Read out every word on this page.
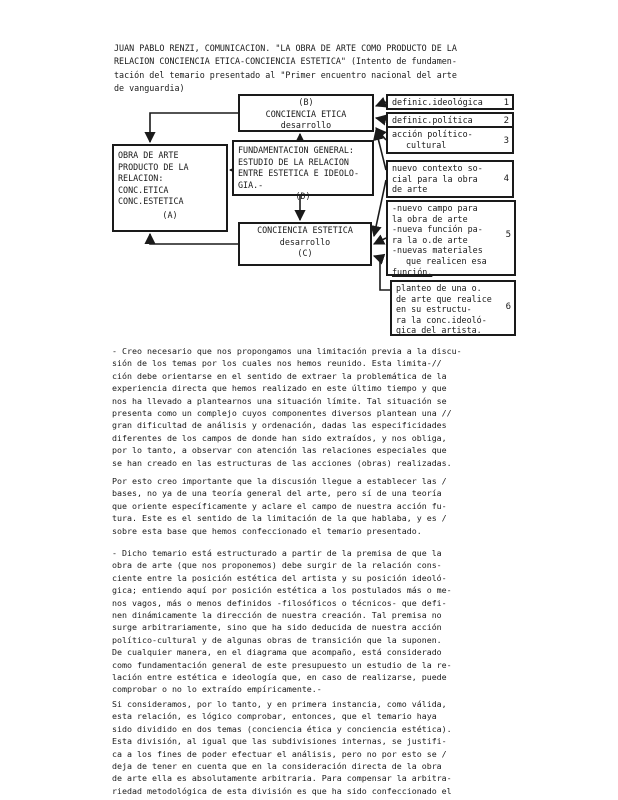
JUAN PABLO RENZI, COMUNICACION. "LA OBRA DE ARTE COMO PRODUCTO DE LA
RELACION CONCIENCIA ETICA-CONCIENCIA ESTETICA" (Intento de fundamen-
tación del temario presentado al "Primer encuentro nacional del arte
de vanguardia)
OBRA DE ARTE
PRODUCTO DE LA
RELACION:
CONC.ETICA
CONC.ESTETICA
(A)
(B)
CONCIENCIA ETICA
desarrollo
FUNDAMENTACION GENERAL:
ESTUDIO DE LA RELACION
ENTRE ESTETICA E IDEOLO-
GIA.-
(D)
CONCIENCIA ESTETICA
desarrollo
(C)
definic.ideológica	1
definic.política	2
acción político-
cultural	3
nuevo contexto so-
cial para la obra
de arte
4
-nuevo campo para
la obra de arte
-nueva función pa-
ra la o.de arte
-nuevas materiales
que realicen esa
función.
5
planteo de una o.
de arte que realice
en su estructu-
ra la conc.ideoló-
gica del artista.
6
- Creo necesario que nos propongamos una limitación previa a la discu-
sión de los temas por los cuales nos hemos reunido. Esta limita-//
ción debe orientarse en el sentido de extraer la problemática de la
experiencia directa que hemos realizado en este último tiempo y que
nos ha llevado a plantearnos una situación límite. Tal situación se
presenta como un complejo cuyos componentes diversos plantean una //
gran dificultad de análisis y ordenación, dadas las especificidades
diferentes de los campos de donde han sido extraídos, y nos obliga,
por lo tanto, a observar con atención las relaciones especiales que
se han creado en las estructuras de las acciones (obras) realizadas.
Por esto creo importante que la discusión llegue a establecer las /
bases, no ya de una teoría general del arte, pero sí de una teoría
que oriente específicamente y aclare el campo de nuestra acción fu-
tura. Este es el sentido de la limitación de la que hablaba, y es /
sobre esta base que hemos confeccionado el temario presentado.
- Dicho temario está estructurado a partir de la premisa de que la
obra de arte (que nos proponemos) debe surgir de la relación cons-
ciente entre la posición estética del artista y su posición ideoló-
gica; entiendo aquí por posición estética a los postulados más o me-
nos vagos, más o menos definidos -filosóficos o técnicos- que defi-
nen dinámicamente la dirección de nuestra creación. Tal premisa no
surge arbitrariamente, sino que ha sido deducida de nuestra acción
político-cultural y de algunas obras de transición que la suponen.
De cualquier manera, en el diagrama que acompaño, está considerado
como fundamentación general de este presupuesto un estudio de la re-
lación entre estética e ideología que, en caso de realizarse, puede
comprobar o no lo extraído empíricamente.-
Si consideramos, por lo tanto, y en primera instancia, como válida,
esta relación, es lógico comprobar, entonces, que el temario haya
sido dividido en dos temas (conciencia ética y conciencia estética).
Esta división, al igual que las subdivisiones internas, se justifi-
ca a los fines de poder efectuar el análisis, pero no por esto se /
deja de tener en cuenta que en la consideración directa de la obra
de arte ella es absolutamente arbitraria. Para compensar la arbitra-
riedad metodológica de esta división es que ha sido confeccionado el
